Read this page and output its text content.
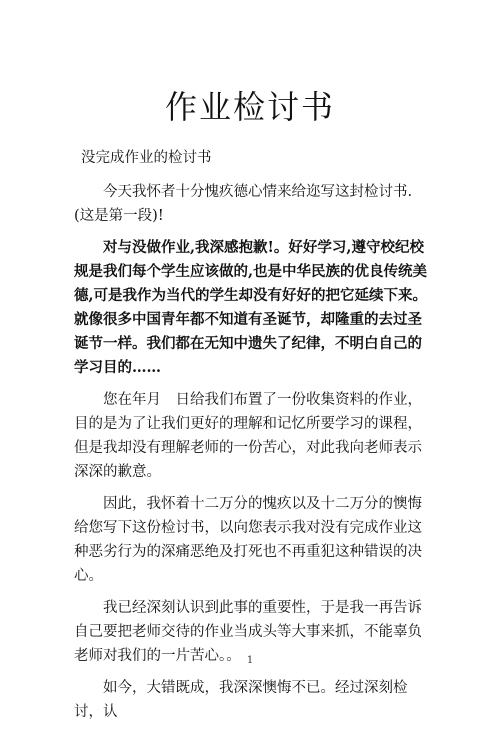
作业检讨书

没完成作业的检讨书

今天我怀者十分愧疚德心情来给迩写这封检讨书.(这是第一段)!

对与没做作业,我深感抱歉!。好好学习,遵守校纪校规是我们每个学生应该做的,也是中华民族的优良传统美德,可是我作为当代的学生却没有好好的把它延续下来。就像很多中国青年都不知道有圣诞节，却隆重的去过圣诞节一样。我们都在无知中遗失了纪律，不明白自己的学习目的……

您在年月　日给我们布置了一份收集资料的作业，目的是为了让我们更好的理解和记忆所要学习的课程，但是我却没有理解老师的一份苦心，对此我向老师表示深深的歉意。

因此，我怀着十二万分的愧疚以及十二万分的懊悔给您写下这份检讨书，以向您表示我对没有完成作业这种恶劣行为的深痛恶绝及打死也不再重犯这种错误的决心。

我已经深刻认识到此事的重要性，于是我一再告诉自己要把老师交待的作业当成头等大事来抓，不能辜负老师对我们的一片苦心。。

如今，大错既成，我深深懊悔不已。经过深刻检讨，认

1
